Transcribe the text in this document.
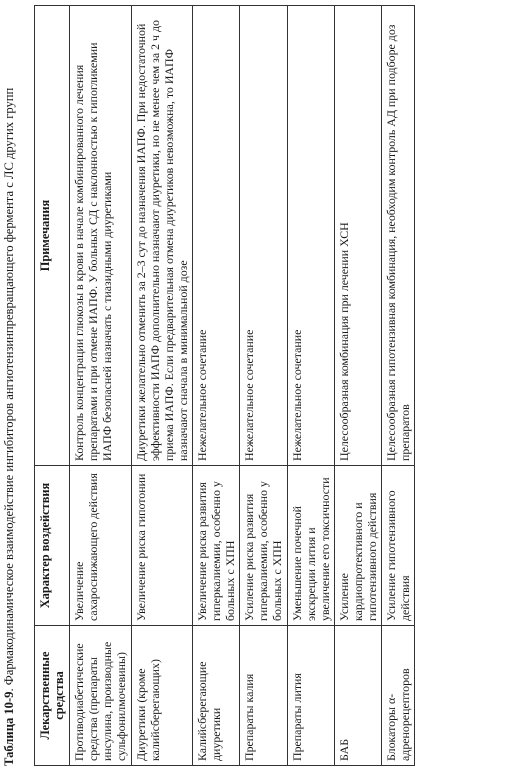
Таблица 10-9. Фармакодинамическое взаимодействие ингибиторов ангиотензинпревращающего фермента с ЛС других групп
Лекарственные средства	Характер воздействия	Примечания
Противодиабетические средства (препараты инсулина, производные сульфонилмочевины)	Увеличение сахароснижающего действия	Контроль концентрации глюкозы в крови в начале комбинированного лечения препаратами и при отмене ИАПФ. У больных СД с наклонностью к гипогликемии ИАПФ безопасней назначать с тиазидными диуретиками
Диуретики (кроме калийсберегающих)	Увеличение риска гипотонии	Диуретики желательно отменить за 2–3 сут до назначения ИАПФ. При недостаточной эффективности ИАПФ дополнительно назначают диуретики, но не менее чем за 2 ч до приема ИАПФ. Если предварительная отмена диуретиков невозможна, то ИАПФ назначают сначала в минимальной дозе
Калийсберегающие диуретики	Увеличение риска развития гиперкалиемии, особенно у больных с ХПН	Нежелательное сочетание
Препараты калия	Усиление риска развития гиперкалиемии, особенно у больных с ХПН	Нежелательное сочетание
Препараты лития	Уменьшение почечной экскреции лития и увеличение его токсичности	Нежелательное сочетание
БАБ	Усиление кардиопротективного и гипотензивного действия	Целесообразная комбинация при лечении ХСН
Блокаторы α-адренорецепторов	Усиление гипотензивного действия	Целесообразная гипотензивная комбинация, необходим контроль АД при подборе доз препаратов
